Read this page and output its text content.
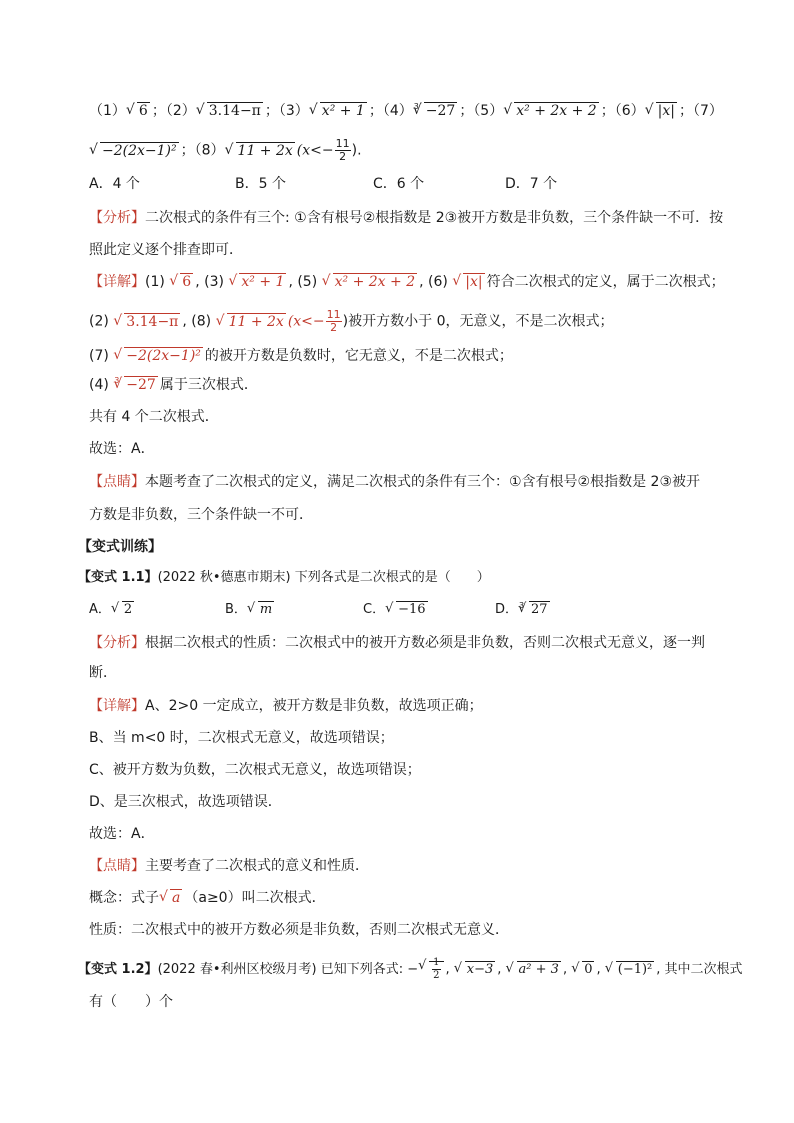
（1） √ 6 ；（2） √ 3.14−π ；（3） √ x² + 1 ；（4） √ 3 −27 ；（5） √ x² + 2x + 2 ；（6） √ |x| ；（7）
√ −2(2x−1)² ；（8） √ 11 + 2x ($x<- \frac{11}{2}$ ).
A．4 个	B．5 个	C．6 个	D．7 个
【分析】二次根式的条件有三个: ①含有根号②根指数是 2③被开方数是非负数，三个条件缺一不可．按
照此定义逐个排查即可．
【详解】(1) √ 6 , (3) √ x² + 1 , (5) √ x² + 2x + 2 , (6) √ |x| 符合二次根式的定义，属于二次根式；
(2) √ 3.14−π , (8) √ 11 + 2x ($x<- \frac{11}{2}$ )被开方数小于 0，无意义，不是二次根式；
(7) √ −2(2x−1)² 的被开方数是负数时，它无意义，不是二次根式；
(4) √ 3 −27 属于三次根式．
共有 4 个二次根式．
故选：A．
【点睛】本题考查了二次根式的定义，满足二次根式的条件有三个：①含有根号②根指数是 2③被开
方数是非负数，三个条件缺一不可．
【变式训练】
【变式 1.1】(2022 秋•德惠市期末) 下列各式是二次根式的是（　　）
A． √ 2	B． √ m	C． √ −16	D． √ 3 27
【分析】根据二次根式的性质：二次根式中的被开方数必须是非负数，否则二次根式无意义，逐一判
断．
【详解】A、2>0 一定成立，被开方数是非负数，故选项正确；
B、当 m<0 时，二次根式无意义，故选项错误；
C、被开方数为负数，二次根式无意义，故选项错误；
D、是三次根式，故选项错误．
故选：A．
【点睛】主要考查了二次根式的意义和性质．
概念：式子 √ a （a≥0）叫二次根式．
性质：二次根式中的被开方数必须是非负数，否则二次根式无意义．
【变式 1.2】(2022 春•利州区校级月考) 已知下列各式: − √ $\frac{1}{2}$ , √ x−3 , √ a² + 3 , √ 0 , √ (−1)² , 其中二次根式
有（　　）个
